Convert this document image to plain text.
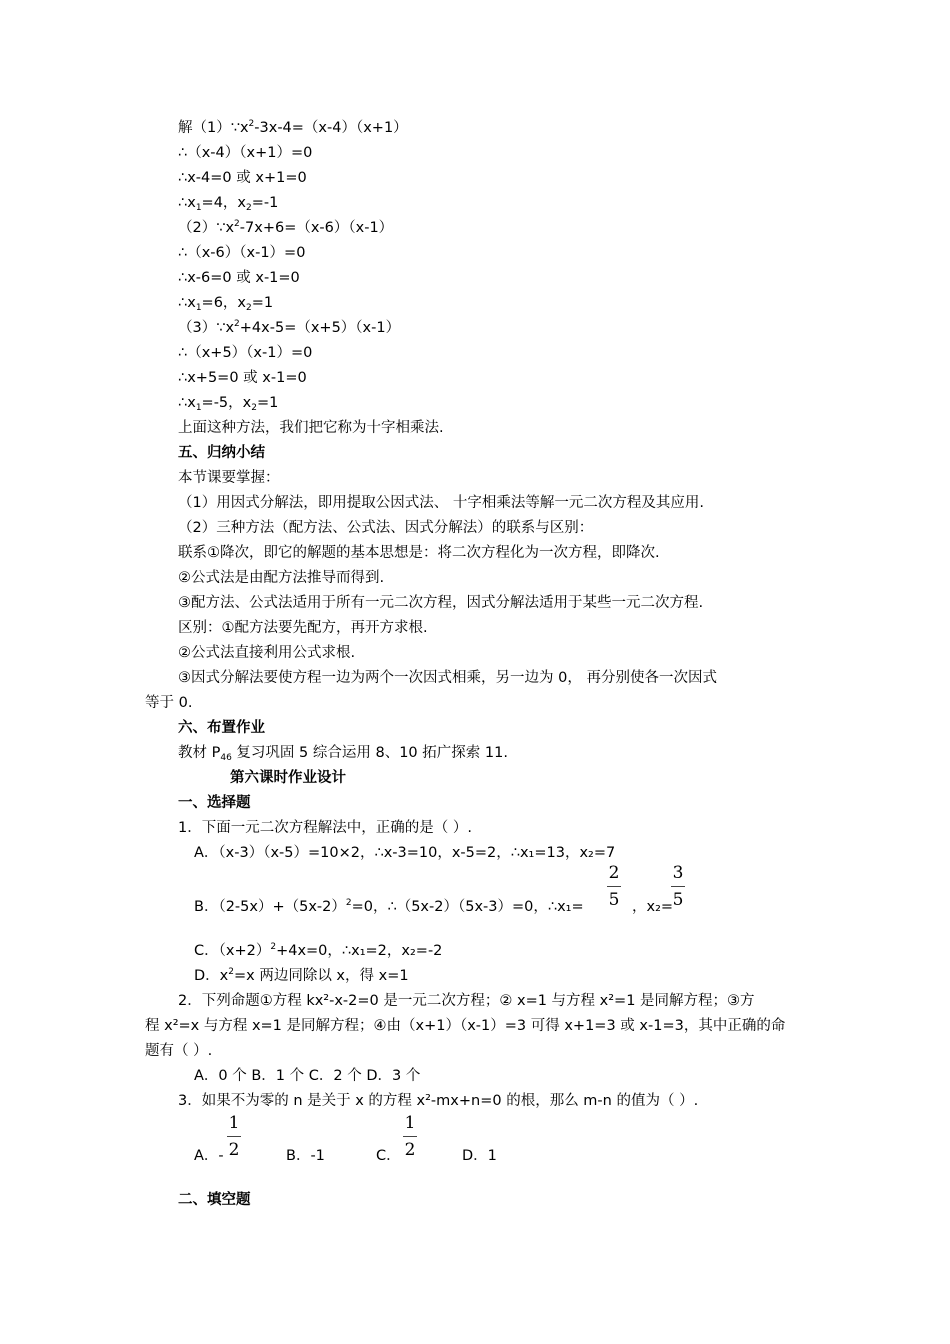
解$(1)\because x^2-3x-4=(x-4)(x+1)$
∴（x-4）（x+1）=0
∴x-4=0 或 x+1=0
$\therefore x_1=4$，$x_2=-1$
$(2)\because x^2-7x+6=(x-6)(x-1)$
∴（x-6）（x-1）=0
∴x-6=0 或 x-1=0
$\therefore x_1=6$，$x_2=1$
$(3)\because x^2+4x-5=(x+5)(x-1)$
∴（x+5）（x-1）=0
∴x+5=0 或 x-1=0
$\therefore x_1=-5$，$x_2=1$
上面这种方法，我们把它称为十字相乘法.
五、归纳小结
本节课要掌握：
（1）用因式分解法，即用提取公因式法、 十字相乘法等解一元二次方程及其应用.
（2）三种方法（配方法、公式法、因式分解法）的联系与区别：
联系①降次，即它的解题的基本思想是：将二次方程化为一次方程，即降次.
②公式法是由配方法推导而得到.
③配方法、公式法适用于所有一元二次方程，因式分解法适用于某些一元二次方程.
区别：①配方法要先配方，再开方求根.
②公式法直接利用公式求根.
③因式分解法要使方程一边为两个一次因式相乘，另一边为 0， 再分别使各一次因式
等于 0.
六、布置作业
教材 $P_{46}$ 复习巩固 5 综合运用 8、10 拓广探索 11.
第六课时作业设计
一、选择题
1．下面一元二次方程解法中，正确的是（ ）.
A．（x-3）（x-5）=10×2，∴x-3=10，x-5=2，∴x₁=13，x₂=7
B．$(2-5x)+(5x-2)^2=0$，∴（5x-2）（5x-3）=0，∴x₁=
2
5 ，x₂=
3
5
C．$(x+2)^2+4x=0$，∴x₁=2，x₂=-2
D．$x^2=x$ 两边同除以 x，得 x=1
2．下列命题①方程 kx²-x-2=0 是一元二次方程；② x=1 与方程 x²=1 是同解方程；③方
程 x²=x 与方程 x=1 是同解方程；④由（x+1）（x-1）=3 可得 x+1=3 或 x-1=3，其中正确的命
题有（ ）.
A．0 个 B．1 个 C．2 个 D．3 个
3．如果不为零的 n 是关于 x 的方程 x²-mx+n=0 的根，那么 m-n 的值为（ ）.
A．-
1
2	B．-1	C．
1
2	D．1
二、填空题
